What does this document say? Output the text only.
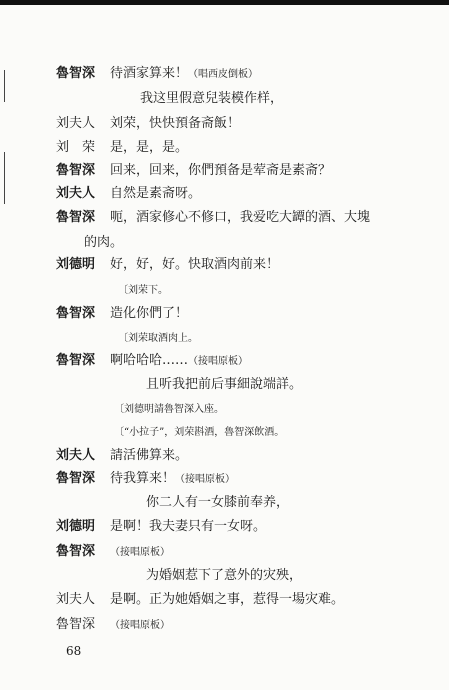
魯智深 待酒家算来！（唱西皮倒板）
我这里假意兒装模作样，
刘夫人 刘荣，快快預备斋飯！
刘　荣 是，是，是。
魯智深 回来，回来，你們預备是荤斋是素斋？
刘夫人 自然是素斋呀。
魯智深 呃，酒家修心不修口，我爱吃大罈的酒、大塊
的肉。
刘德明 好，好，好。快取酒肉前来！
〔刘荣下。
魯智深 造化你們了！
〔刘荣取酒肉上。
魯智深 啊哈哈哈……（接唱原板）
且听我把前后事細說端詳。
〔刘德明請魯智深入座。
〔“小拉子”，刘荣斟酒，魯智深飲酒。
刘夫人 請活佛算来。
魯智深 待我算来！（接唱原板）
你二人有一女膝前奉养，
刘德明 是啊！我夫妻只有一女呀。
魯智深 （接唱原板）
为婚姻惹下了意外的灾殃，
刘夫人 是啊。正为她婚姻之事，惹得一場灾难。
魯智深 （接唱原板）
68
